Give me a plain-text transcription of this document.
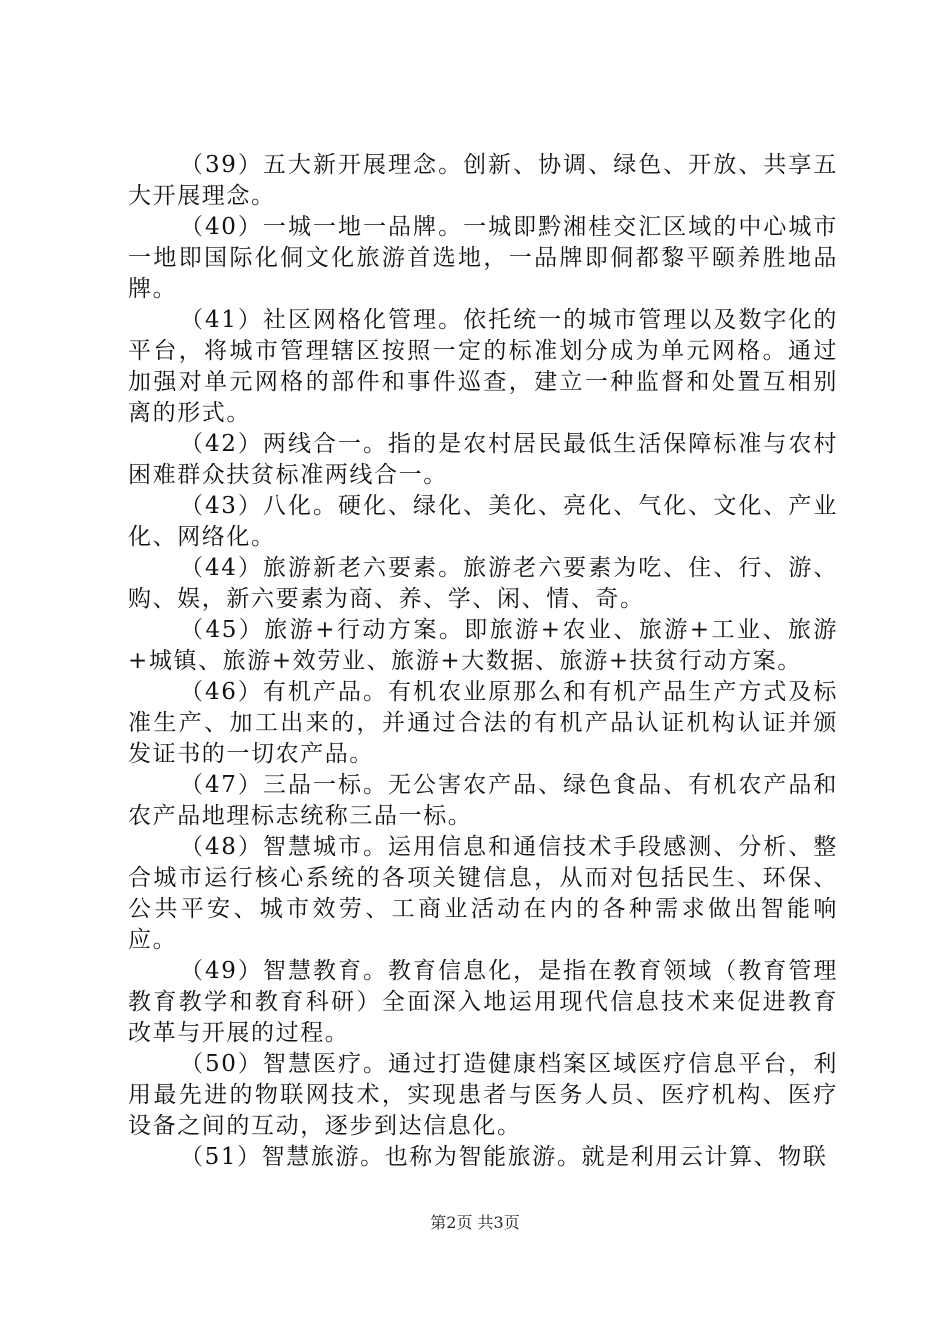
（39）五大新开展理念。创新、协调、绿色、开放、共享五大开展理念。

（40）一城一地一品牌。一城即黔湘桂交汇区域的中心城市一地即国际化侗文化旅游首选地，一品牌即侗都黎平颐养胜地品牌。

（41）社区网格化管理。依托统一的城市管理以及数字化的平台，将城市管理辖区按照一定的标准划分成为单元网格。通过加强对单元网格的部件和事件巡查，建立一种监督和处置互相别离的形式。

（42）两线合一。指的是农村居民最低生活保障标准与农村困难群众扶贫标准两线合一。

（43）八化。硬化、绿化、美化、亮化、气化、文化、产业化、网络化。

（44）旅游新老六要素。旅游老六要素为吃、住、行、游、购、娱，新六要素为商、养、学、闲、情、奇。

（45）旅游+行动方案。即旅游+农业、旅游+工业、旅游+城镇、旅游+效劳业、旅游+大数据、旅游+扶贫行动方案。

（46）有机产品。有机农业原那么和有机产品生产方式及标准生产、加工出来的，并通过合法的有机产品认证机构认证并颁发证书的一切农产品。

（47）三品一标。无公害农产品、绿色食品、有机农产品和农产品地理标志统称三品一标。

（48）智慧城市。运用信息和通信技术手段感测、分析、整合城市运行核心系统的各项关键信息，从而对包括民生、环保、公共平安、城市效劳、工商业活动在内的各种需求做出智能响应。

（49）智慧教育。教育信息化，是指在教育领域（教育管理教育教学和教育科研）全面深入地运用现代信息技术来促进教育改革与开展的过程。

（50）智慧医疗。通过打造健康档案区域医疗信息平台，利用最先进的物联网技术，实现患者与医务人员、医疗机构、医疗设备之间的互动，逐步到达信息化。

（51）智慧旅游。也称为智能旅游。就是利用云计算、物联

第2页 共3页
